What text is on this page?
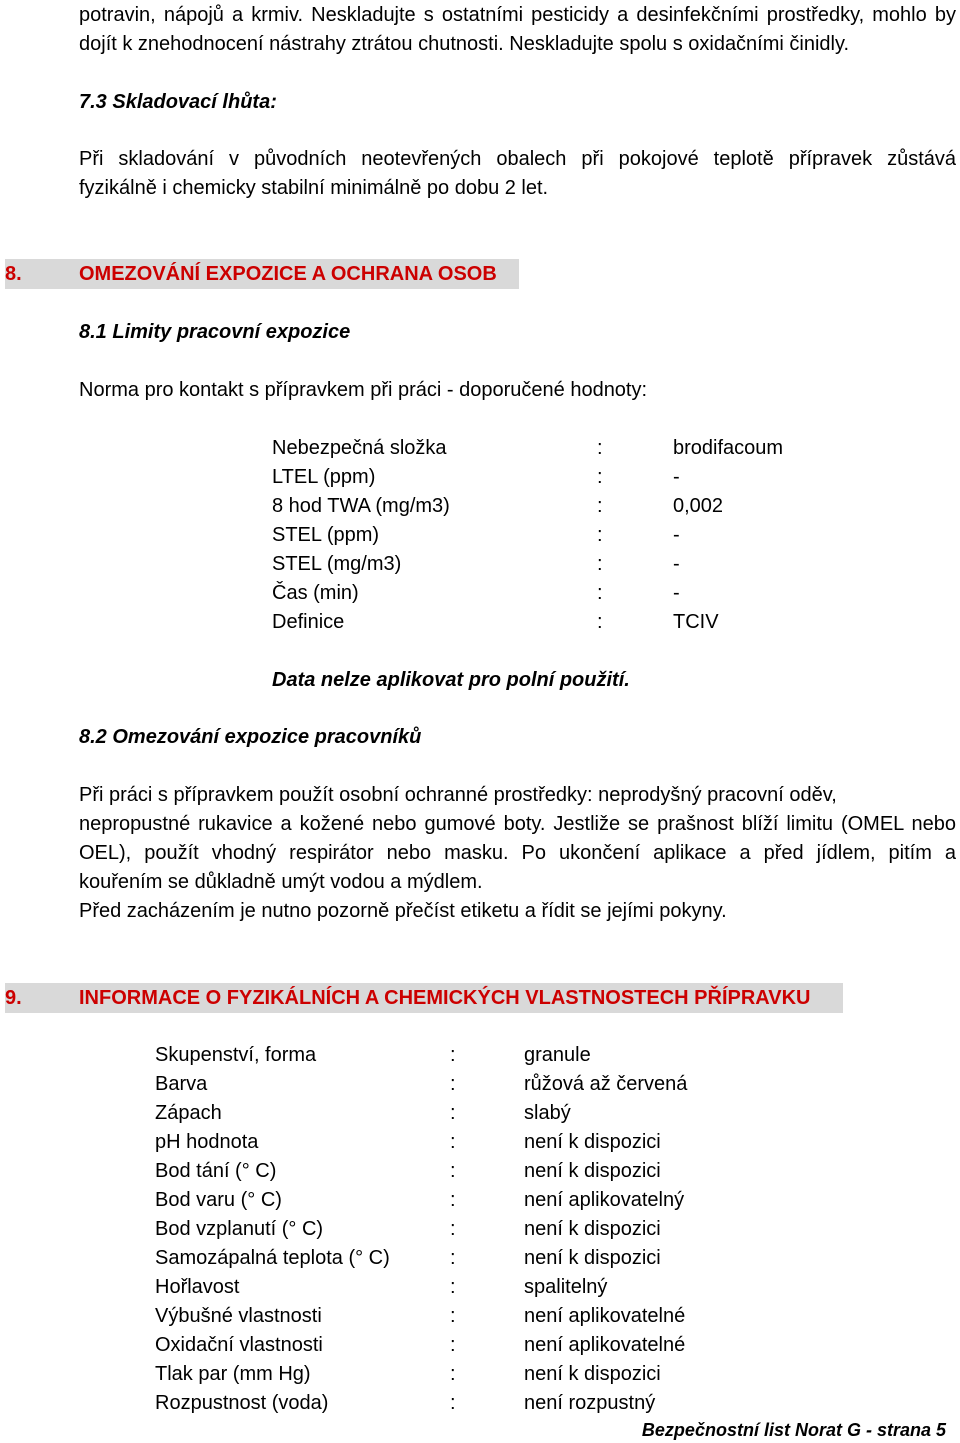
potravin, nápojů a krmiv. Neskladujte s ostatními pesticidy a desinfekčními prostředky, mohlo by
dojít k znehodnocení nástrahy ztrátou chutnosti. Neskladujte spolu s oxidačními činidly.
7.3 Skladovací lhůta:
Při skladování v původních neotevřených obalech při pokojové teplotě přípravek zůstává
fyzikálně i chemicky stabilní minimálně po dobu 2 let.
8.	OMEZOVÁNÍ EXPOZICE A OCHRANA OSOB
8.1 Limity pracovní expozice
Norma pro kontakt s přípravkem při práci - doporučené hodnoty:
Nebezpečná složka	:	brodifacoum
LTEL (ppm)	:	-
8 hod TWA (mg/m3)	:	0,002
STEL (ppm)	:	-
STEL (mg/m3)	:	-
Čas (min)	:	-
Definice	:	TCIV
Data nelze aplikovat pro polní použití.
8.2 Omezování expozice pracovníků
Při práci s přípravkem použít osobní ochranné prostředky: neprodyšný pracovní oděv,
nepropustné rukavice a kožené nebo gumové boty. Jestliže se prašnost blíží limitu (OMEL nebo
OEL), použít vhodný respirátor nebo masku. Po ukončení aplikace a před jídlem, pitím a
kouřením se důkladně umýt vodou a mýdlem.
Před zacházením je nutno pozorně přečíst etiketu a řídit se jejími pokyny.
9.	INFORMACE O FYZIKÁLNÍCH A CHEMICKÝCH VLASTNOSTECH PŘÍPRAVKU
Skupenství, forma	:	granule
Barva	:	růžová až červená
Zápach	:	slabý
pH hodnota	:	není k dispozici
Bod tání (° C)	:	není k dispozici
Bod varu (° C)	:	není aplikovatelný
Bod vzplanutí (° C)	:	není k dispozici
Samozápalná teplota (° C)	:	není k dispozici
Hořlavost	:	spalitelný
Výbušné vlastnosti	:	není aplikovatelné
Oxidační vlastnosti	:	není aplikovatelné
Tlak par (mm Hg)	:	není k dispozici
Rozpustnost (voda)	:	není rozpustný
Bezpečnostní list Norat G - strana 5
